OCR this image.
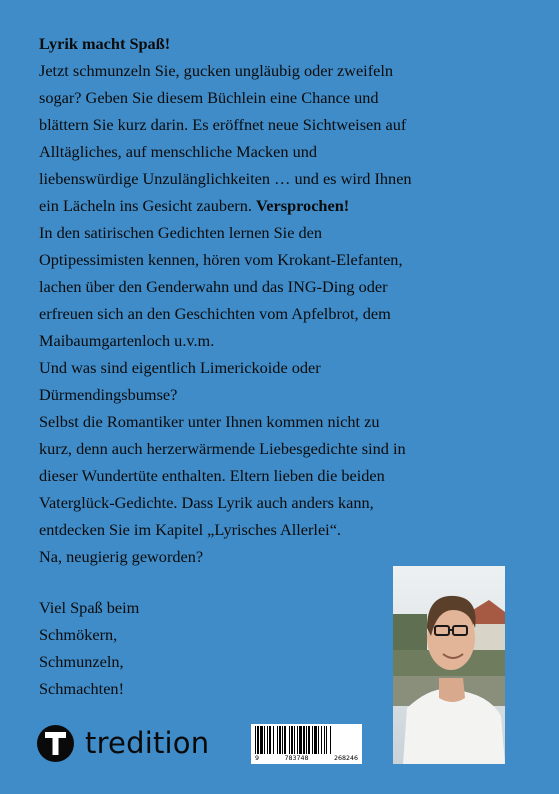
Lyrik macht Spaß!

Jetzt schmunzeln Sie, gucken ungläubig oder zweifeln

sogar? Geben Sie diesem Büchlein eine Chance und

blättern Sie kurz darin. Es eröffnet neue Sichtweisen auf

Alltägliches, auf menschliche Macken und

liebenswürdige Unzulänglichkeiten … und es wird Ihnen

ein Lächeln ins Gesicht zaubern. Versprochen!

In den satirischen Gedichten lernen Sie den

Optipessimisten kennen, hören vom Krokant-Elefanten,

lachen über den Genderwahn und das ING-Ding oder

erfreuen sich an den Geschichten vom Apfelbrot, dem

Maibaumgartenloch u.v.m.

Und was sind eigentlich Limerickoide oder

Dürmendingsbumse?

Selbst die Romantiker unter Ihnen kommen nicht zu

kurz, denn auch herzerwärmende Liebesgedichte sind in

dieser Wundertüte enthalten. Eltern lieben die beiden

Vaterglück-Gedichte. Dass Lyrik auch anders kann,

entdecken Sie im Kapitel „Lyrisches Allerlei“.

Na, neugierig geworden?

Viel Spaß beim

Schmökern,

Schmunzeln,

Schmachten!

tredition	9	783748	268246
